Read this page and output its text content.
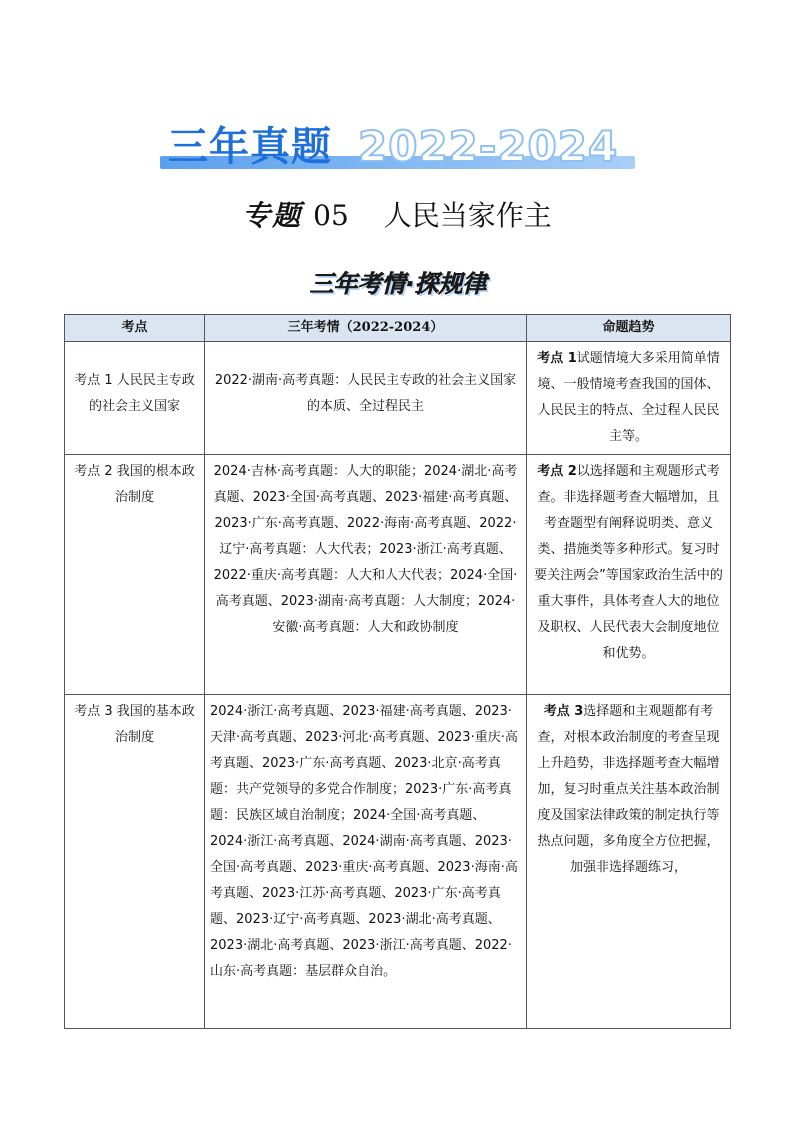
三年真题 2022-2024
专题 05 人民当家作主
三年考情·探规律
考点	三年考情（2022-2024）	命题趋势
考点 1 人民民主专政的社会主义国家	2022·湖南·高考真题：人民民主专政的社会主义国家的本质、全过程民主	考点 1试题情境大多采用简单情境、一般情境考查我国的国体、人民民主的特点、全过程人民民主等。
考点 2 我国的根本政治制度	2024·吉林·高考真题：人大的职能；2024·湖北·高考真题、2023·全国·高考真题、2023·福建·高考真题、2023·广东·高考真题、2022·海南·高考真题、2022·辽宁·高考真题：人大代表；2023·浙江·高考真题、2022·重庆·高考真题：人大和人大代表；2024·全国·高考真题、2023·湖南·高考真题：人大制度；2024·安徽·高考真题：人大和政协制度	考点 2以选择题和主观题形式考查。非选择题考查大幅增加，且考查题型有阐释说明类、意义类、措施类等多种形式。复习时要关注两会”等国家政治生活中的重大事件，具体考查人大的地位及职权、人民代表大会制度地位和优势。
考点 3 我国的基本政治制度	2024·浙江·高考真题、2023·福建·高考真题、2023·天津·高考真题、2023·河北·高考真题、2023·重庆·高考真题、2023·广东·高考真题、2023·北京·高考真题：共产党领导的多党合作制度；2023·广东·高考真题：民族区域自治制度；2024·全国·高考真题、2024·浙江·高考真题、2024·湖南·高考真题、2023·全国·高考真题、2023·重庆·高考真题、2023·海南·高考真题、2023·江苏·高考真题、2023·广东·高考真题、2023·辽宁·高考真题、2023·湖北·高考真题、2023·湖北·高考真题、2023·浙江·高考真题、2022·山东·高考真题：基层群众自治。	考点 3选择题和主观题都有考查，对根本政治制度的考查呈现上升趋势，非选择题考查大幅增加，复习时重点关注基本政治制度及国家法律政策的制定执行等热点问题，多角度全方位把握，加强非选择题练习，
